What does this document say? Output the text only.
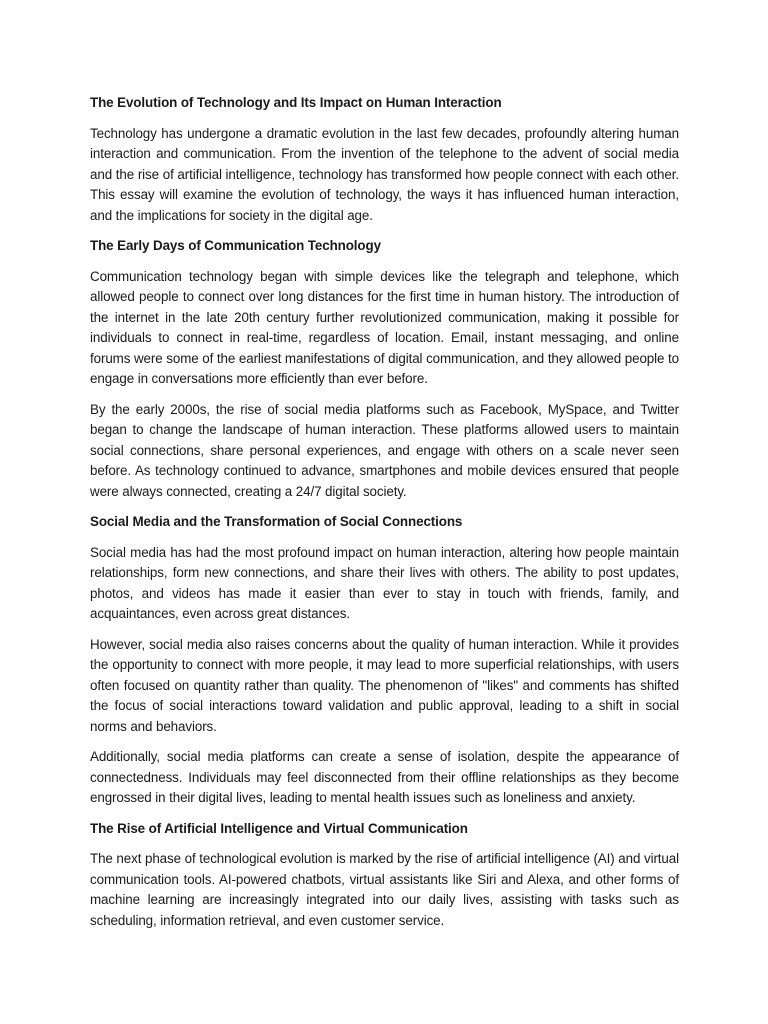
The Evolution of Technology and Its Impact on Human Interaction
Technology has undergone a dramatic evolution in the last few decades, profoundly altering human interaction and communication. From the invention of the telephone to the advent of social media and the rise of artificial intelligence, technology has transformed how people connect with each other. This essay will examine the evolution of technology, the ways it has influenced human interaction, and the implications for society in the digital age.
The Early Days of Communication Technology
Communication technology began with simple devices like the telegraph and telephone, which allowed people to connect over long distances for the first time in human history. The introduction of the internet in the late 20th century further revolutionized communication, making it possible for individuals to connect in real-time, regardless of location. Email, instant messaging, and online forums were some of the earliest manifestations of digital communication, and they allowed people to engage in conversations more efficiently than ever before.
By the early 2000s, the rise of social media platforms such as Facebook, MySpace, and Twitter began to change the landscape of human interaction. These platforms allowed users to maintain social connections, share personal experiences, and engage with others on a scale never seen before. As technology continued to advance, smartphones and mobile devices ensured that people were always connected, creating a 24/7 digital society.
Social Media and the Transformation of Social Connections
Social media has had the most profound impact on human interaction, altering how people maintain relationships, form new connections, and share their lives with others. The ability to post updates, photos, and videos has made it easier than ever to stay in touch with friends, family, and acquaintances, even across great distances.
However, social media also raises concerns about the quality of human interaction. While it provides the opportunity to connect with more people, it may lead to more superficial relationships, with users often focused on quantity rather than quality. The phenomenon of "likes" and comments has shifted the focus of social interactions toward validation and public approval, leading to a shift in social norms and behaviors.
Additionally, social media platforms can create a sense of isolation, despite the appearance of connectedness. Individuals may feel disconnected from their offline relationships as they become engrossed in their digital lives, leading to mental health issues such as loneliness and anxiety.
The Rise of Artificial Intelligence and Virtual Communication
The next phase of technological evolution is marked by the rise of artificial intelligence (AI) and virtual communication tools. AI-powered chatbots, virtual assistants like Siri and Alexa, and other forms of machine learning are increasingly integrated into our daily lives, assisting with tasks such as scheduling, information retrieval, and even customer service.
